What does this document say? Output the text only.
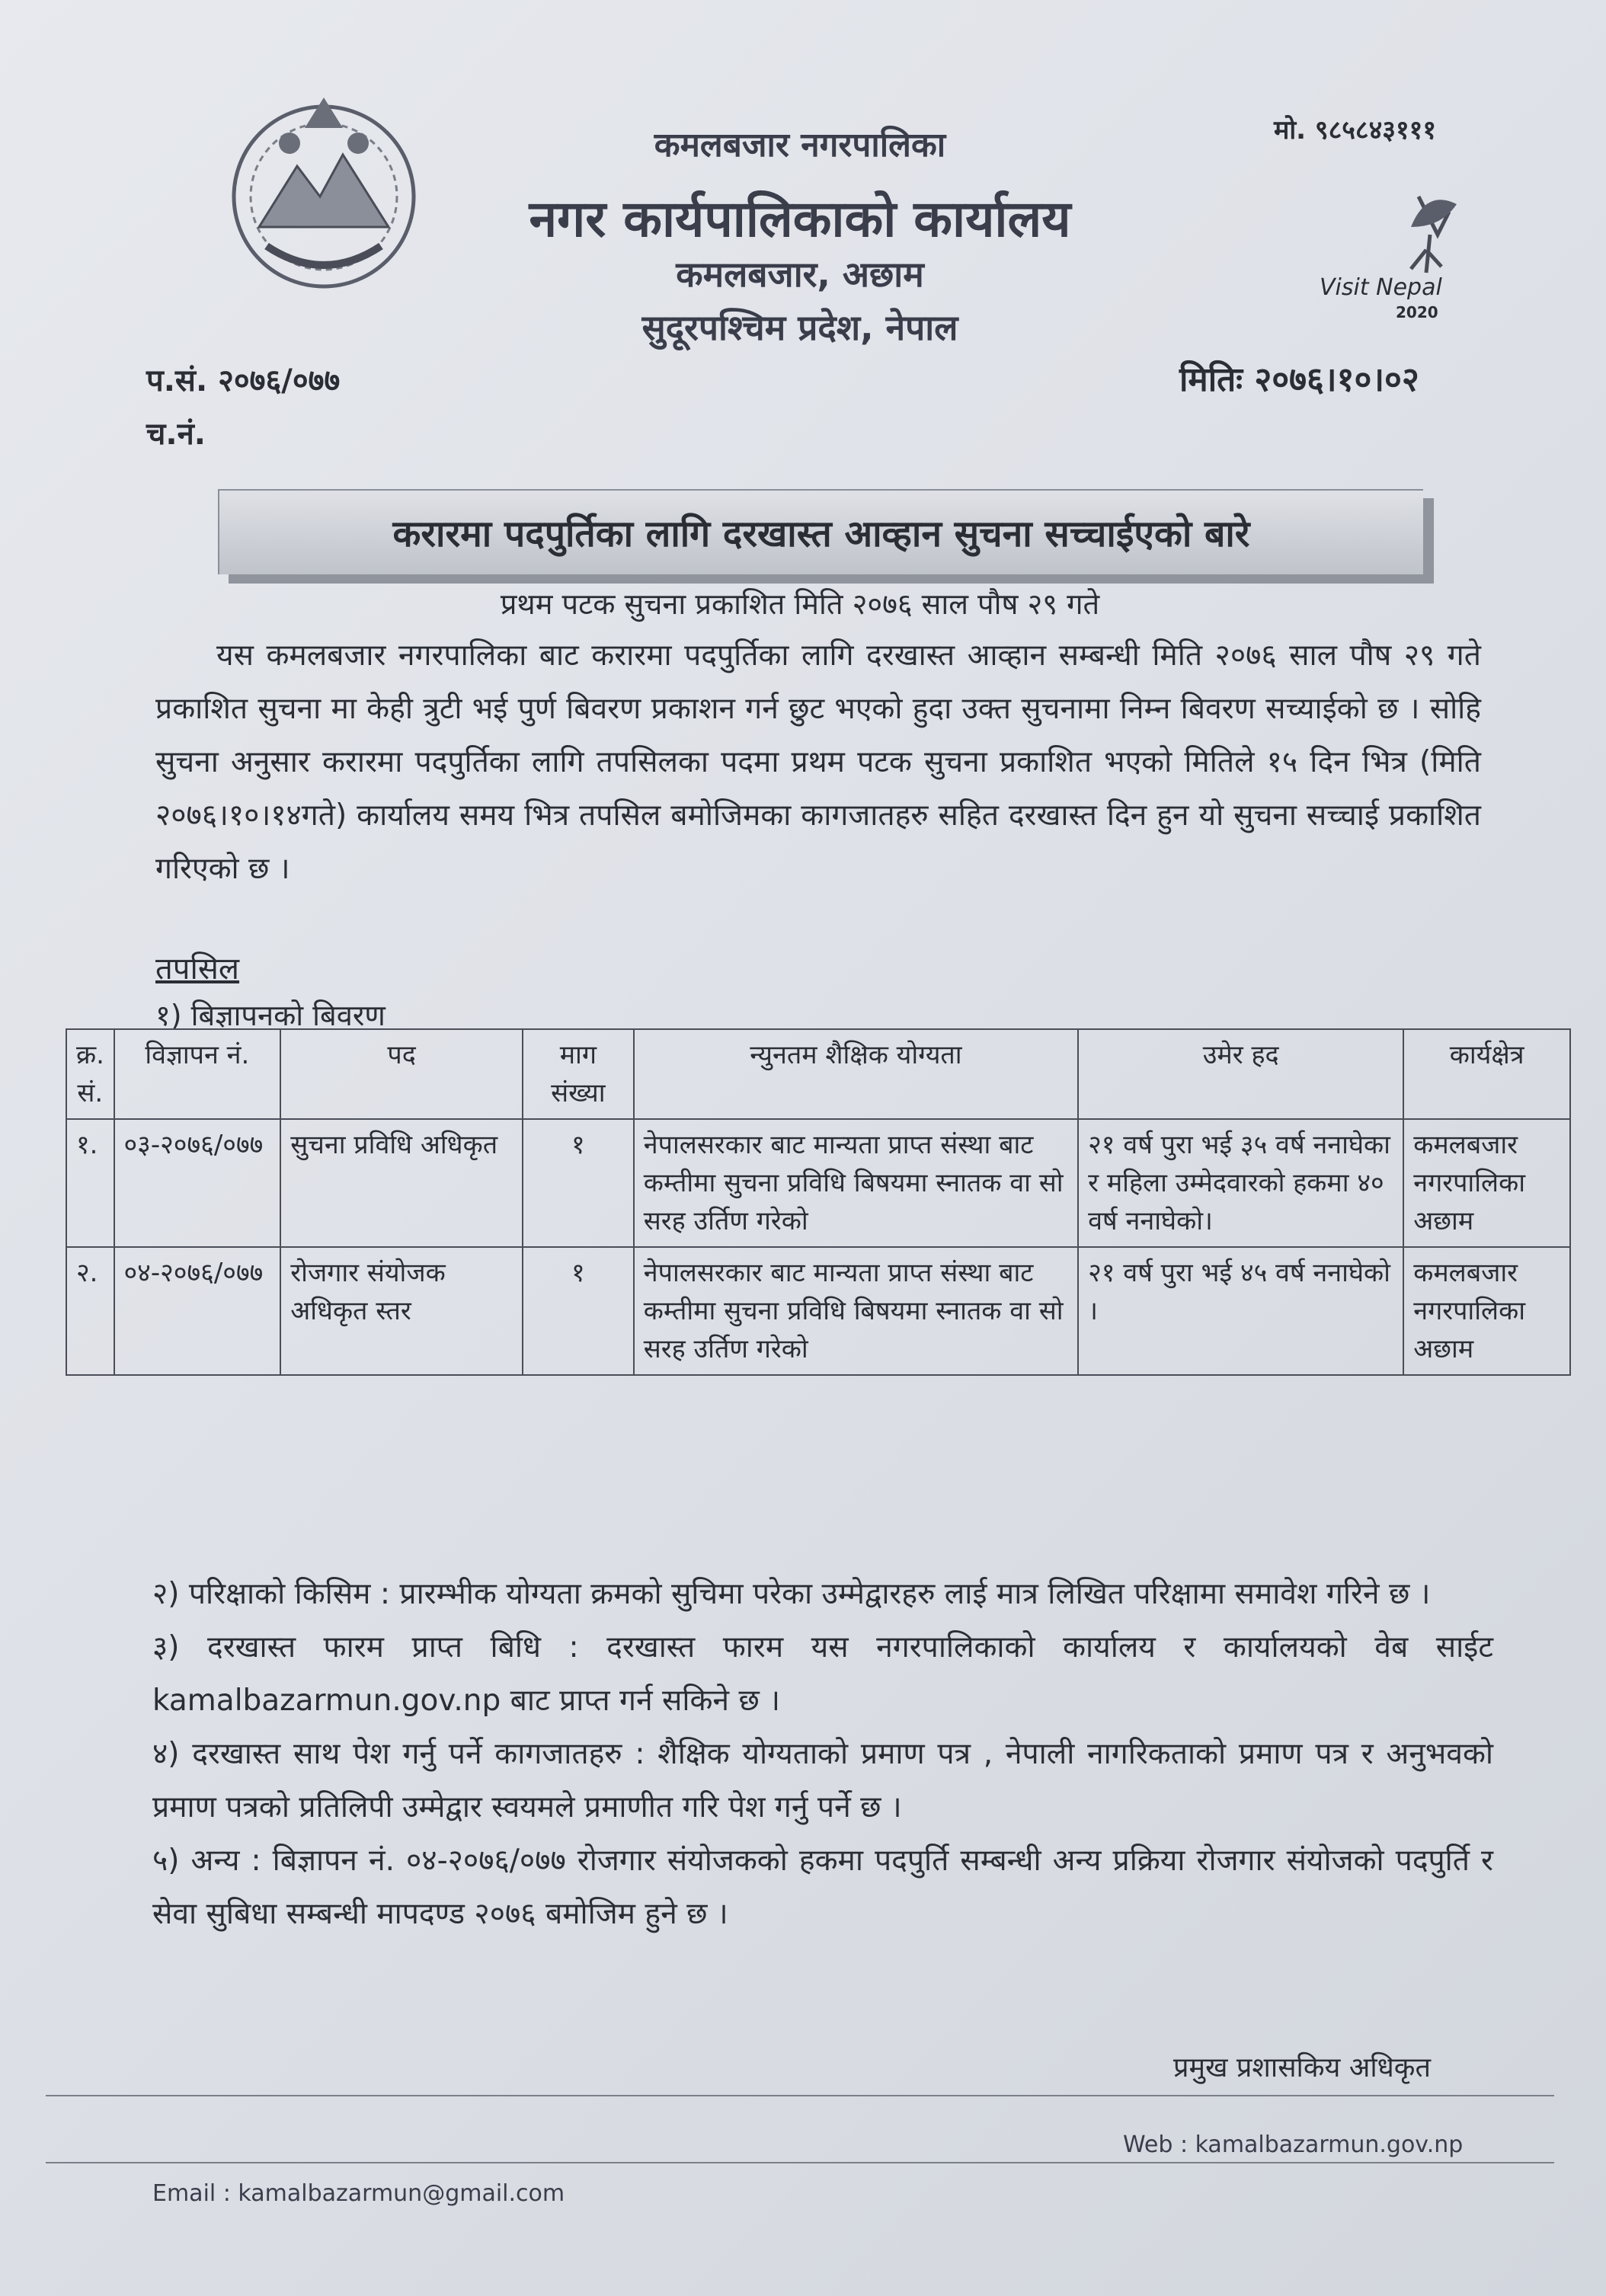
Visit Nepal
2020
कमलबजार नगरपालिका
नगर कार्यपालिकाको कार्यालय
कमलबजार, अछाम
सुदूरपश्चिम प्रदेश, नेपाल
मो. ९८५८४३१११
प.सं. २०७६/०७७
च.नं.
मितिः २०७६।१०।०२
करारमा पदपुर्तिका लागि दरखास्त आव्हान सुचना सच्चाईएको बारे
प्रथम पटक सुचना प्रकाशित मिति २०७६ साल पौष २९ गते
यस कमलबजार नगरपालिका बाट करारमा पदपुर्तिका लागि दरखास्त आव्हान सम्बन्धी मिति २०७६ साल पौष २९ गते प्रकाशित सुचना मा केही त्रुटी भई पुर्ण बिवरण प्रकाशन गर्न छुट भएको हुदा उक्त सुचनामा निम्न बिवरण सच्याईको छ । सोहि सुचना अनुसार करारमा पदपुर्तिका लागि तपसिलका पदमा प्रथम पटक सुचना प्रकाशित भएको मितिले १५ दिन भित्र (मिति २०७६।१०।१४गते) कार्यालय समय भित्र तपसिल बमोजिमका कागजातहरु सहित दरखास्त दिन हुन यो सुचना सच्चाई प्रकाशित गरिएको छ ।
तपसिल
१) बिज्ञापनको बिवरण
क्र. सं.	विज्ञापन नं.	पद	माग संख्या	न्युनतम शैक्षिक योग्यता	उमेर हद	कार्यक्षेत्र
१.	०३-२०७६/०७७	सुचना प्रविधि अधिकृत	१	नेपालसरकार बाट मान्यता प्राप्त संस्था बाट कम्तीमा सुचना प्रविधि बिषयमा स्नातक वा सो सरह उर्तिण गरेको	२१ वर्ष पुरा भई ३५ वर्ष ननाघेका र महिला उम्मेदवारको हकमा ४० वर्ष ननाघेको।	कमलबजार नगरपालिका अछाम
२.	०४-२०७६/०७७	रोजगार संयोजक अधिकृत स्तर	१	नेपालसरकार बाट मान्यता प्राप्त संस्था बाट कम्तीमा सुचना प्रविधि बिषयमा स्नातक वा सो सरह उर्तिण गरेको	२१ वर्ष पुरा भई ४५ वर्ष ननाघेको ।	कमलबजार नगरपालिका अछाम

२) परिक्षाको किसिम : प्रारम्भीक योग्यता क्रमको सुचिमा परेका उम्मेद्वारहरु लाई मात्र लिखित परिक्षामा समावेश गरिने छ ।

३) दरखास्त फारम प्राप्त बिधि : दरखास्त फारम यस नगरपालिकाको कार्यालय र कार्यालयको वेब साईट kamalbazarmun.gov.np बाट प्राप्त गर्न सकिने छ ।

४) दरखास्त साथ पेश गर्नु पर्ने कागजातहरु : शैक्षिक योग्यताको प्रमाण पत्र , नेपाली नागरिकताको प्रमाण पत्र र अनुभवको प्रमाण पत्रको प्रतिलिपी उम्मेद्वार स्वयमले प्रमाणीत गरि पेश गर्नु पर्ने छ ।

५) अन्य : बिज्ञापन नं. ०४-२०७६/०७७ रोजगार संयोजकको हकमा पदपुर्ति सम्बन्धी अन्य प्रक्रिया रोजगार संयोजको पदपुर्ति र सेवा सुबिधा सम्बन्धी मापदण्ड २०७६ बमोजिम हुने छ ।

प्रमुख प्रशासकिय अधिकृत
Web : kamalbazarmun.gov.np
Email : kamalbazarmun@gmail.com
